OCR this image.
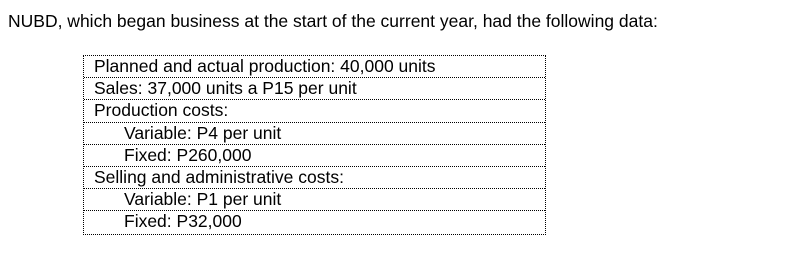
NUBD, which began business at the start of the current year, had the following data:

Planned and actual production: 40,000 units
Sales: 37,000 units a P15 per unit
Production costs:
Variable: P4 per unit
Fixed: P260,000
Selling and administrative costs:
Variable: P1 per unit
Fixed: P32,000
